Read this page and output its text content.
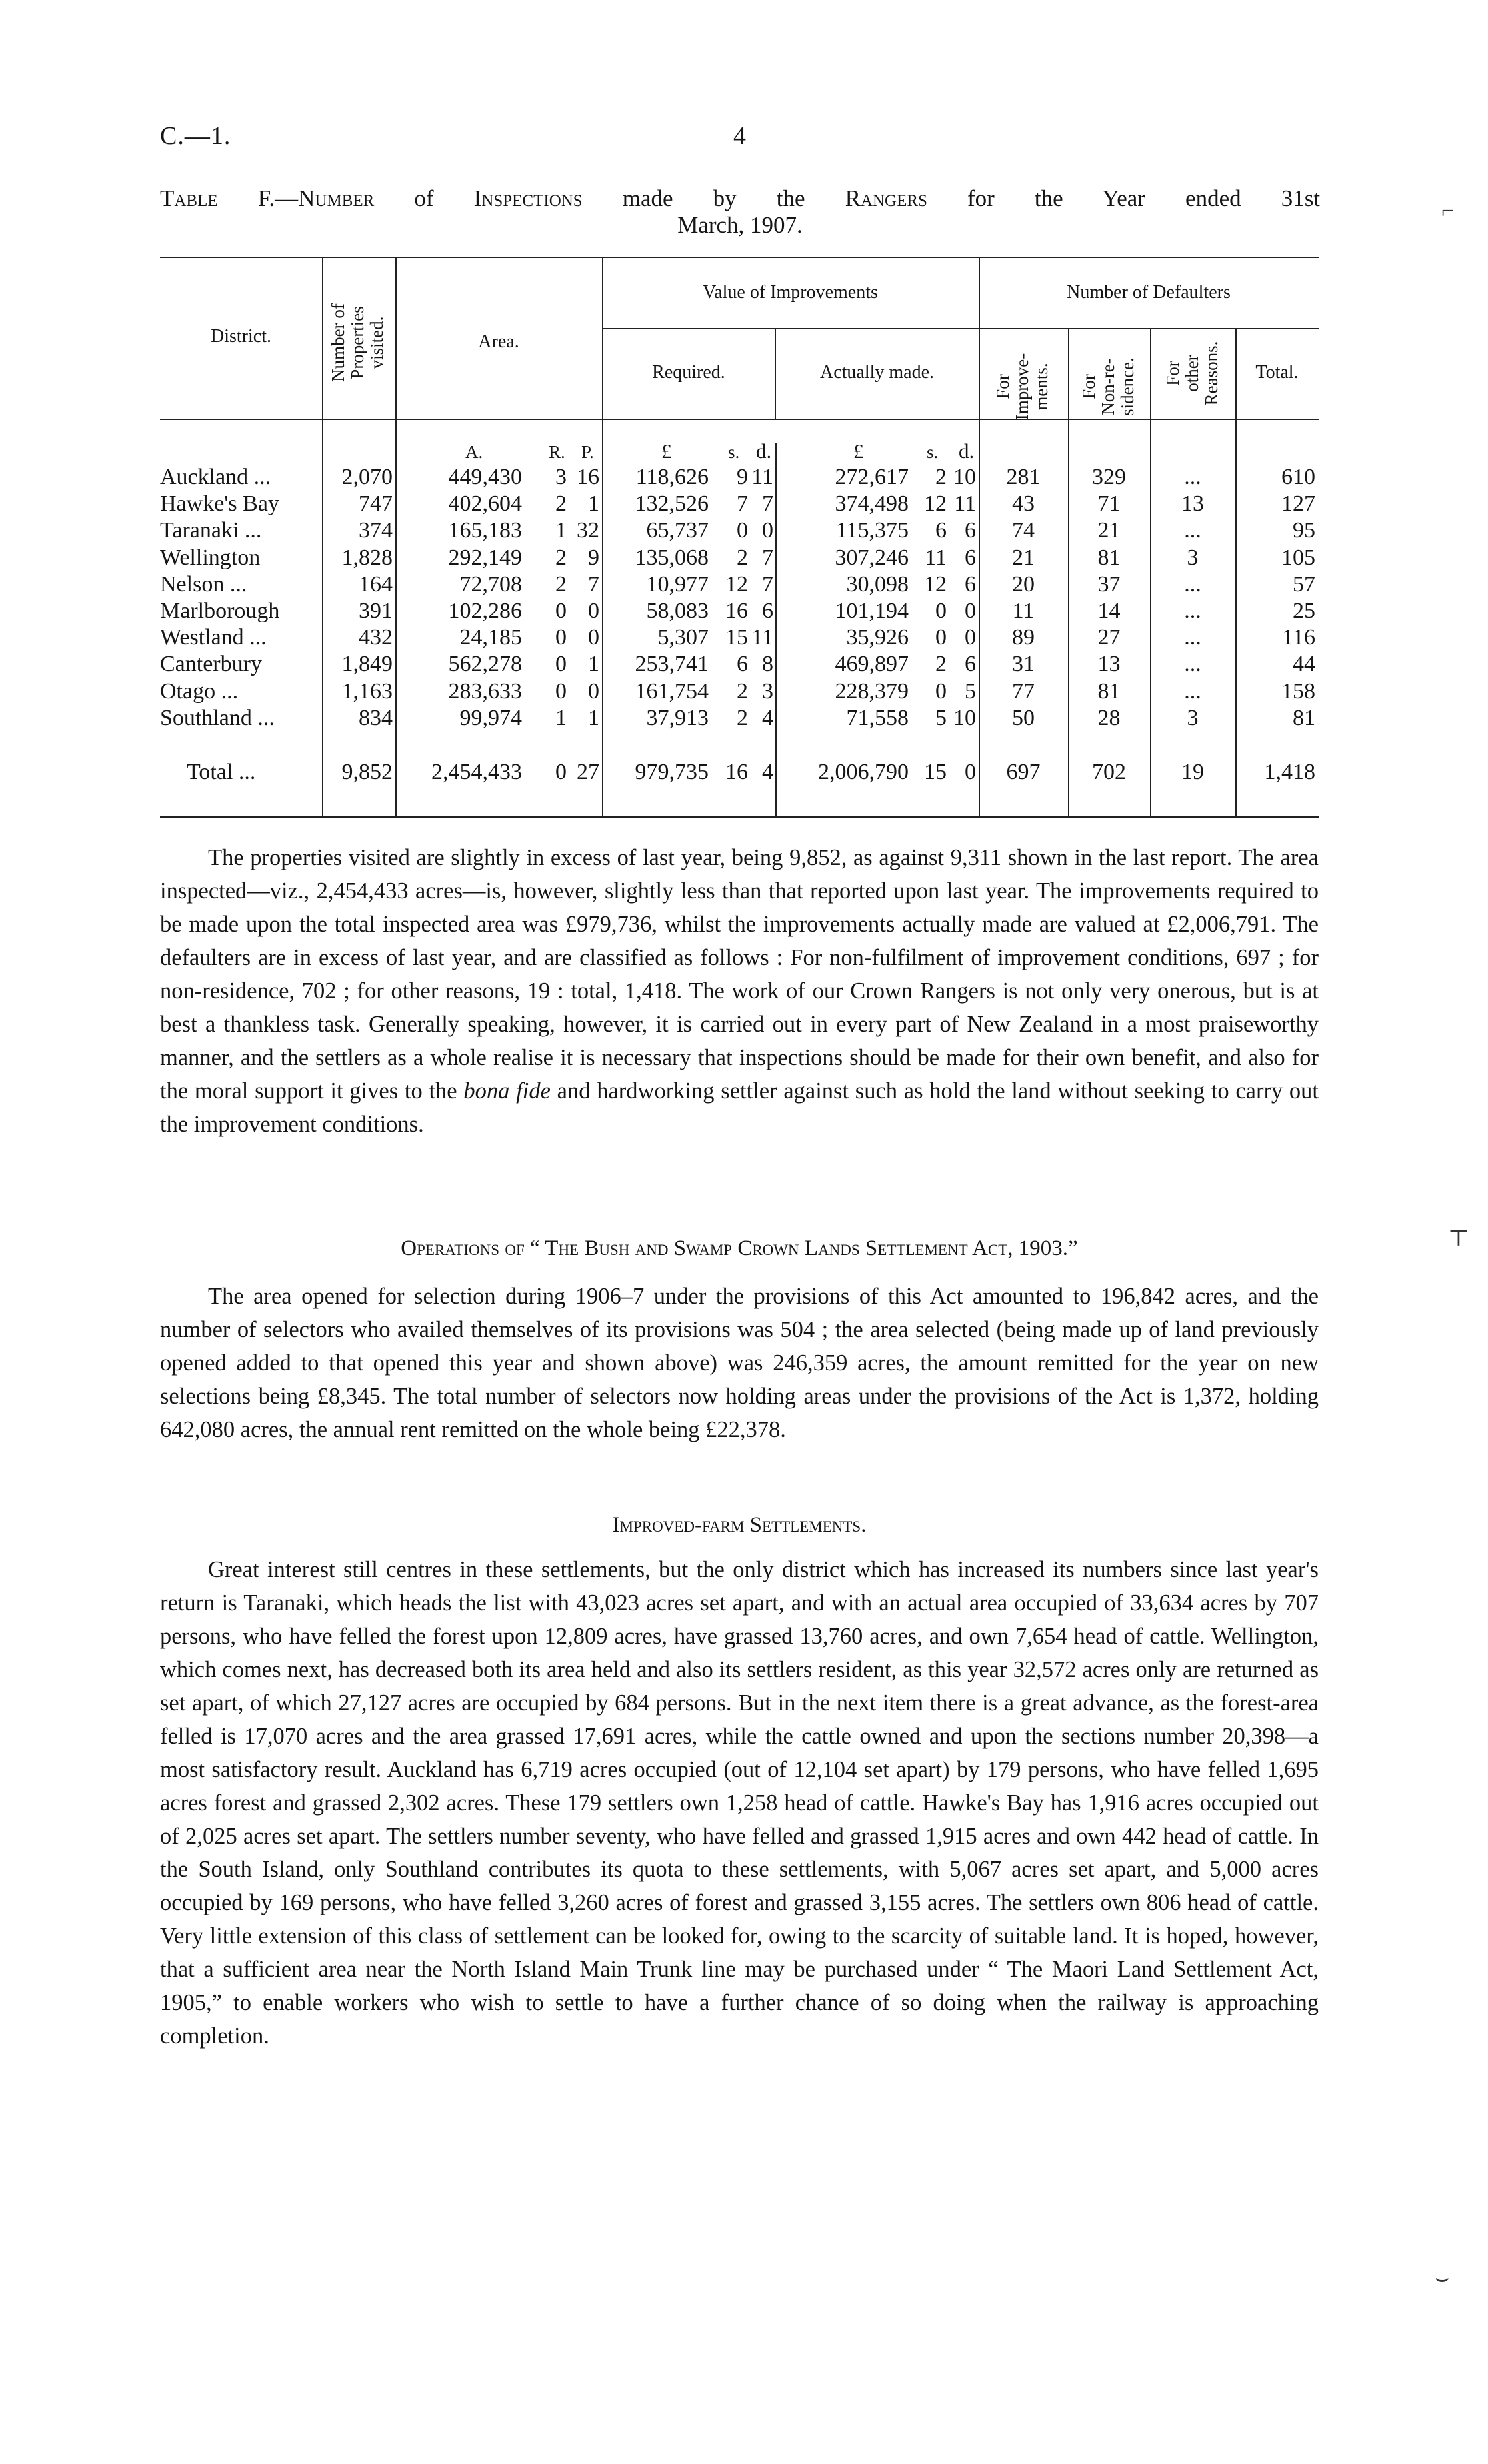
C.—1.	4
Table F.—Number of Inspections made by the Rangers for the Year ended 31st
March, 1907.
District.	Number of Properties visited.	Area.
Value of Improvements
Required.	Actually made.
Number of Defaulters
For Improve- ments. For Non-re- sidence. For other Reasons.	Total.
A.	R. P.	£	s. d.	£	s. d.
Auckland ...	2,070	449,430	3 16	118,626	9 11	272,617	2 10	281	329	...	610
Hawke's Bay	747	402,604	2 1	132,526	7 7	374,498 12 11	43	71	13	127
Taranaki ...	374	165,183	1 32	65,737	0 0	115,375	6 6	74	21	...	95
Wellington	1,828	292,149	2 9	135,068	2 7	307,246 11 6	21	81	3	105
Nelson ...	164	72,708	2 7	10,977 12 7	30,098 12 6	20	37	...	57
Marlborough	391	102,286	0 0	58,083 16 6	101,194	0 0	11	14	...	25
Westland ...	432	24,185	0 0	5,307 15 11	35,926	0 0	89	27	...	116
Canterbury	1,849	562,278	0 1	253,741	6 8	469,897	2 6	31	13	...	44
Otago ...	1,163	283,633	0 0	161,754	2 3	228,379	0 5	77	81	...	158
Southland ...	834	99,974	1 1	37,913	2 4	71,558	5 10	50	28	3	81
Total ...	9,852	2,454,433	0 27	979,735 16 4	2,006,790 15 0	697	702	19	1,418

The properties visited are slightly in excess of last year, being 9,852, as against 9,311 shown in the last report. The area inspected—viz., 2,454,433 acres—is, however, slightly less than that reported upon last year. The improvements required to be made upon the total inspected area was £979,736, whilst the improvements actually made are valued at £2,006,791. The defaulters are in excess of last year, and are classified as follows : For non-fulfilment of improvement conditions, 697 ; for non-residence, 702 ; for other reasons, 19 : total, 1,418. The work of our Crown Rangers is not only very onerous, but is at best a thankless task. Generally speaking, however, it is carried out in every part of New Zealand in a most praiseworthy manner, and the settlers as a whole realise it is necessary that inspections should be made for their own benefit, and also for the moral support it gives to the bona fide and hardworking settler against such as hold the land without seeking to carry out the improvement conditions.

Operations of “ The Bush and Swamp Crown Lands Settlement Act, 1903.”

The area opened for selection during 1906–7 under the provisions of this Act amounted to 196,842 acres, and the number of selectors who availed themselves of its provisions was 504 ; the area selected (being made up of land previously opened added to that opened this year and shown above) was 246,359 acres, the amount remitted for the year on new selections being £8,345. The total number of selectors now holding areas under the provisions of the Act is 1,372, holding 642,080 acres, the annual rent remitted on the whole being £22,378.

Improved-farm Settlements.

Great interest still centres in these settlements, but the only district which has increased its numbers since last year's return is Taranaki, which heads the list with 43,023 acres set apart, and with an actual area occupied of 33,634 acres by 707 persons, who have felled the forest upon 12,809 acres, have grassed 13,760 acres, and own 7,654 head of cattle. Wellington, which comes next, has decreased both its area held and also its settlers resident, as this year 32,572 acres only are returned as set apart, of which 27,127 acres are occupied by 684 persons. But in the next item there is a great advance, as the forest-area felled is 17,070 acres and the area grassed 17,691 acres, while the cattle owned and upon the sections number 20,398—a most satisfactory result. Auckland has 6,719 acres occupied (out of 12,104 set apart) by 179 persons, who have felled 1,695 acres forest and grassed 2,302 acres. These 179 settlers own 1,258 head of cattle. Hawke's Bay has 1,916 acres occupied out of 2,025 acres set apart. The settlers number seventy, who have felled and grassed 1,915 acres and own 442 head of cattle. In the South Island, only Southland contributes its quota to these settlements, with 5,067 acres set apart, and 5,000 acres occupied by 169 persons, who have felled 3,260 acres of forest and grassed 3,155 acres. The settlers own 806 head of cattle. Very little extension of this class of settlement can be looked for, owing to the scarcity of suitable land. It is hoped, however, that a sufficient area near the North Island Main Trunk line may be purchased under “ The Maori Land Settlement Act, 1905,” to enable workers who wish to settle to have a further chance of so doing when the railway is approaching completion.

⌐
⊤
⌣
